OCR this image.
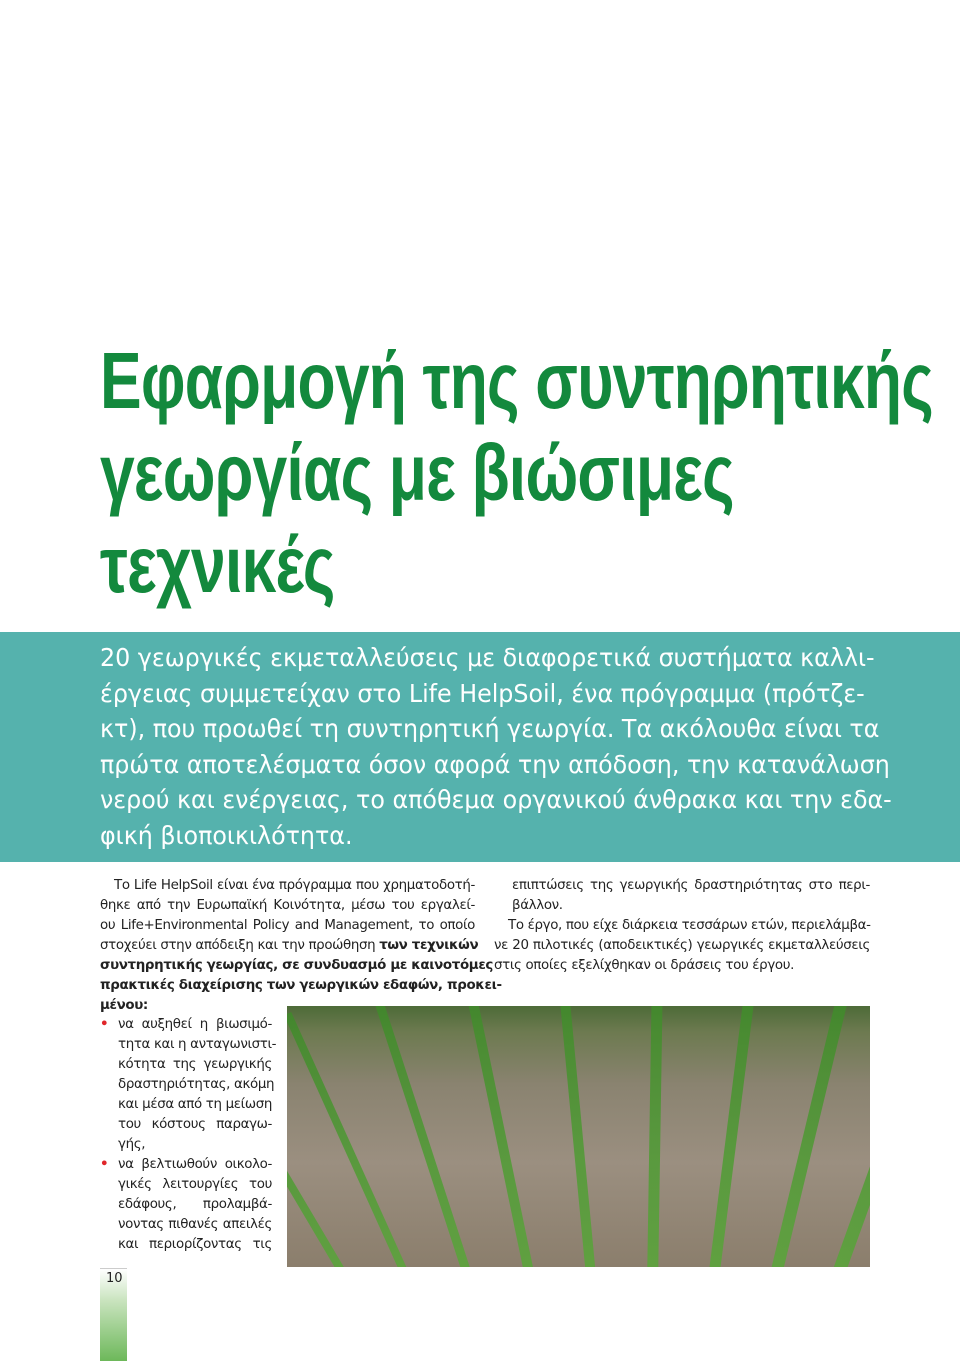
Εφαρμογή της συντηρητικής
γεωργίας με βιώσιμες
τεχνικές
20 γεωργικές εκμεταλλεύσεις με διαφορετικά συστήματα καλλι-
έργειας συμμετείχαν στο Life HelpSoil, ένα πρόγραμμα (πρότζε-
κτ), που προωθεί τη συντηρητική γεωργία. Τα ακόλουθα είναι τα
πρώτα αποτελέσματα όσον αφορά την απόδοση, την κατανάλωση
νερού και ενέργειας, το απόθεμα οργανικού άνθρακα και την εδα-
φική βιοποικιλότητα.
Το Life HelpSoil είναι ένα πρόγραμμα που χρηματοδοτή-
θηκε από την Ευρωπαϊκή Κοινότητα, μέσω του εργαλεί-
ου Life+Environmental Policy and Management, το οποίο
στοχεύει στην απόδειξη και την προώθηση των τεχνικών
συντηρητικής γεωργίας, σε συνδυασμό με καινοτόμες
πρακτικές διαχείρισης των γεωργικών εδαφών, προκει-
μένου:
• να αυξηθεί η βιωσιμό-
τητα και η ανταγωνιστι-
κότητα της γεωργικής
δραστηριότητας, ακόμη
και μέσα από τη μείωση
του κόστους παραγω-
γής,
• να βελτιωθούν οικολο-
γικές λειτουργίες του
εδάφους, προλαμβά-
νοντας πιθανές απειλές
και περιορίζοντας τις
επιπτώσεις της γεωργικής δραστηριότητας στο περι-
βάλλον.
Το έργο, που είχε διάρκεια τεσσάρων ετών, περιελάμβα-
νε 20 πιλοτικές (αποδεικτικές) γεωργικές εκμεταλλεύσεις
στις οποίες εξελίχθηκαν οι δράσεις του έργου.
10
